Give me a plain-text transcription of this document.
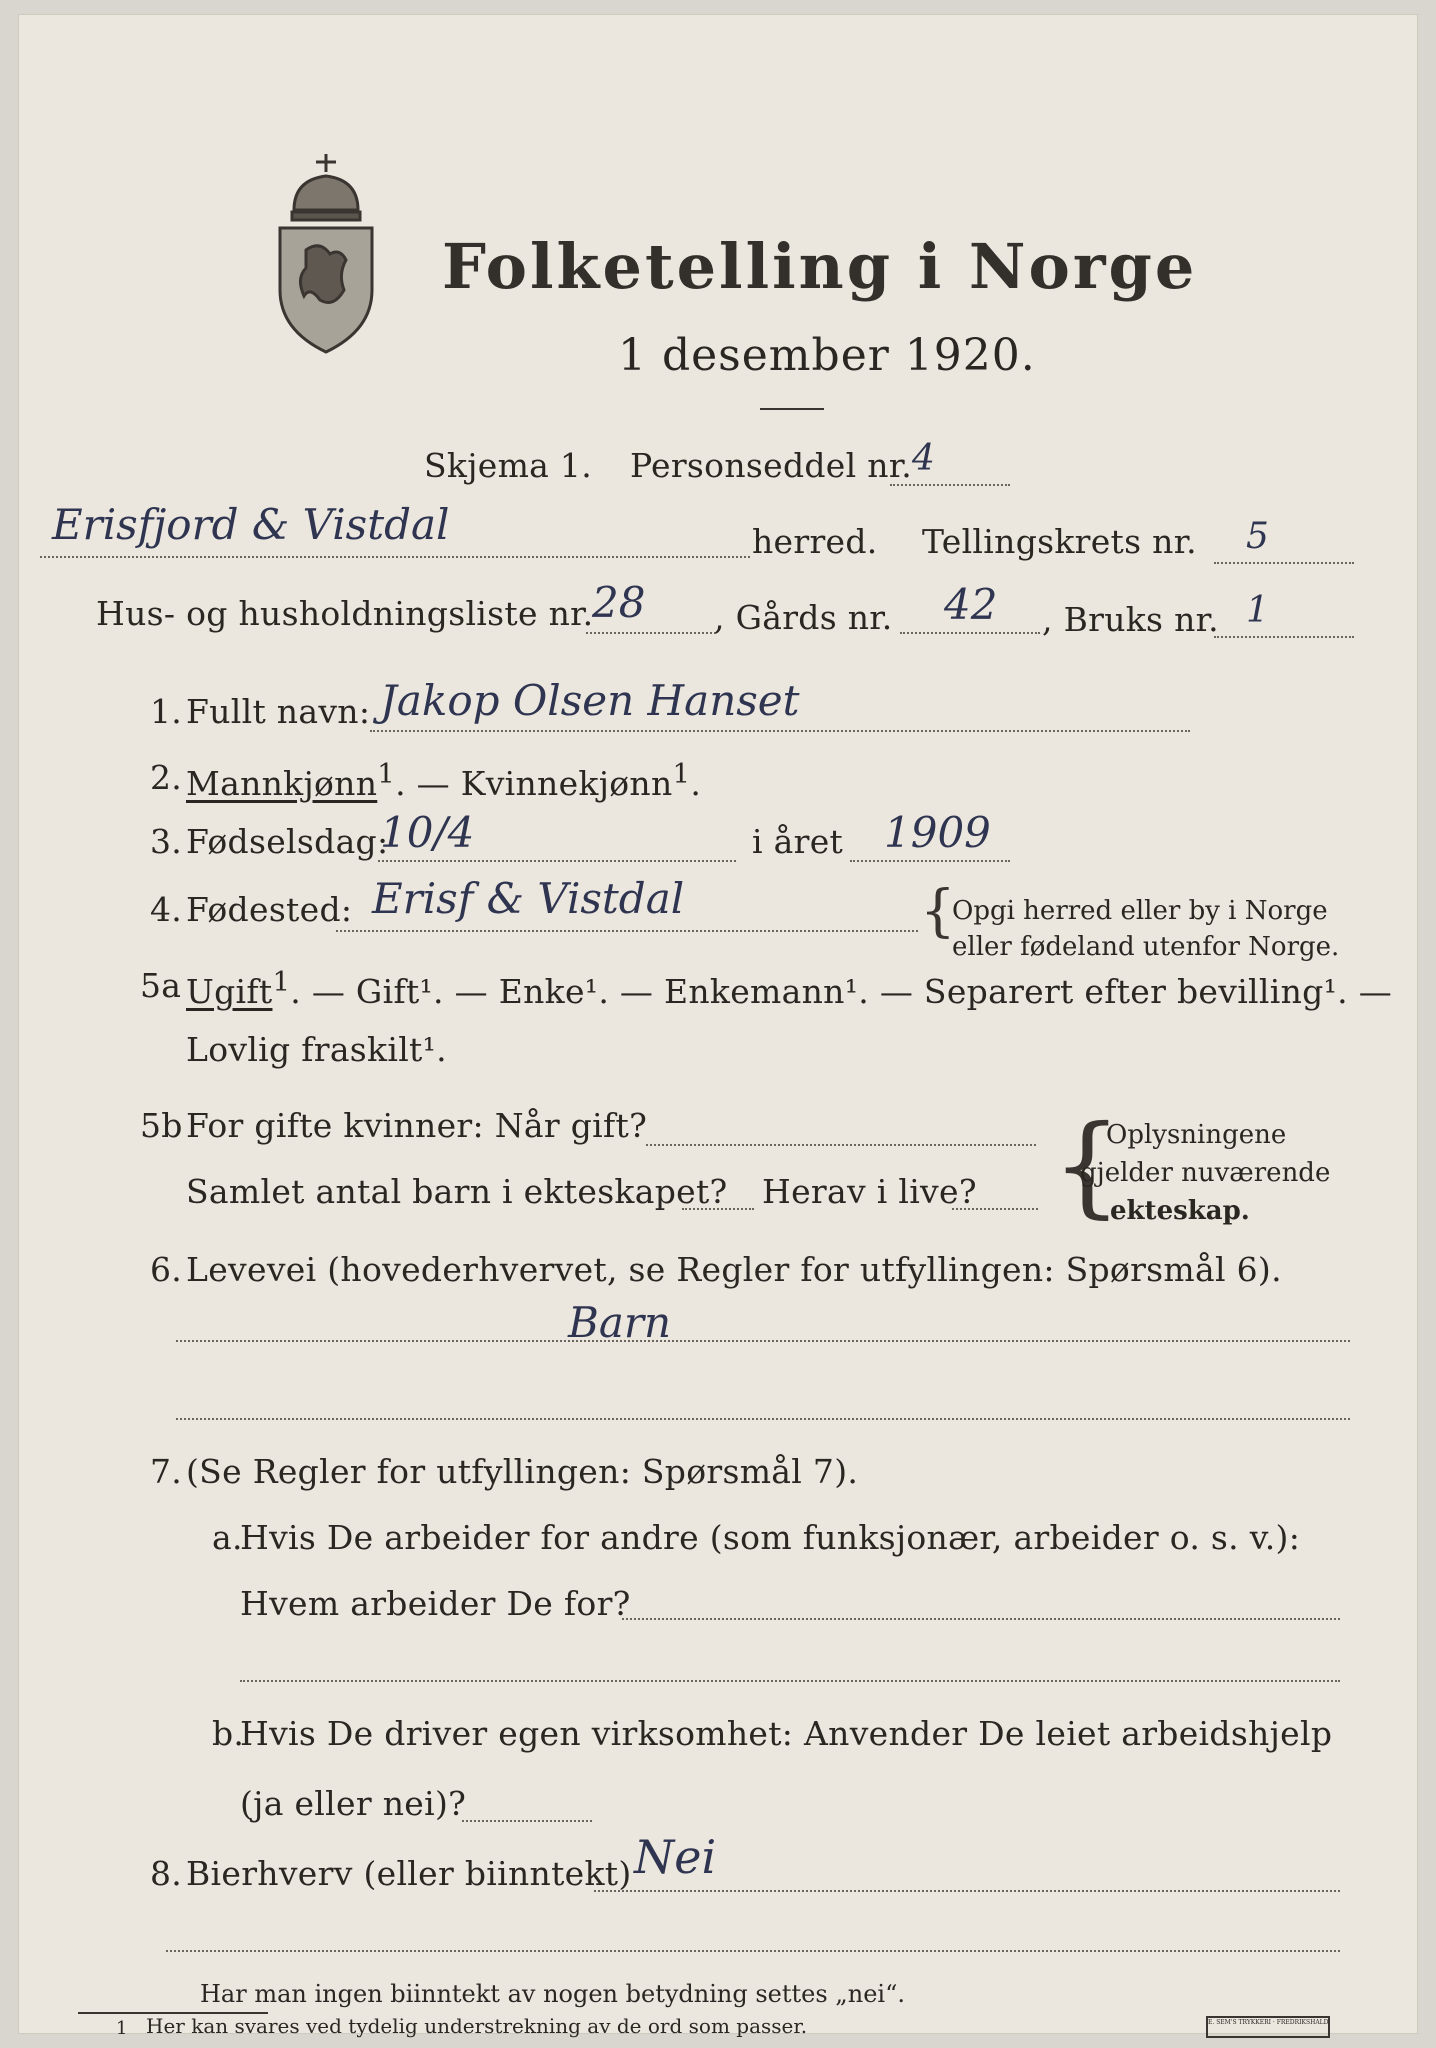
Folketelling i Norge
1 desember 1920.
Skjema 1. Personseddel nr. 4
Erisfjord & Vistdal	herred. Tellingskrets nr. 5
Hus- og husholdningsliste nr.
28 , Gårds nr. 42 , Bruks nr. 1
1. Fullt navn: Jakop Olsen Hanset
2. Mannkjønn$^1$. — Kvinnekjønn$^1$.
3. Fødselsdag:
10/4	i året 1909
4. Fødested: Erisf & Vistdal	{
Opgi herred eller by i Norge
eller fødeland utenfor Norge.
5a Ugift$^1$. — Gift¹. — Enke¹. — Enkemann¹. — Separert efter bevilling¹. —
Lovlig fraskilt¹.
5b For gifte kvinner: Når gift?
Samlet antal barn i ekteskapet? Herav i live? {
Oplysningene
gjelder nuværende
ekteskap.
6. Levevei (hovederhvervet, se Regler for utfyllingen: Spørsmål 6).
Barn
7. (Se Regler for utfyllingen: Spørsmål 7).
a.
Hvis De arbeider for andre (som funksjonær, arbeider o. s. v.):
Hvem arbeider De for?
b.
Hvis De driver egen virksomhet: Anvender De leiet arbeidshjelp
(ja eller nei)?
8. Bierhverv (eller biinntekt) Nei
Har man ingen biinntekt av nogen betydning settes „nei“.
1 Her kan svares ved tydelig understrekning av de ord som passer.	E. SEM'S TRYKKERI · FREDRIKSHALD
